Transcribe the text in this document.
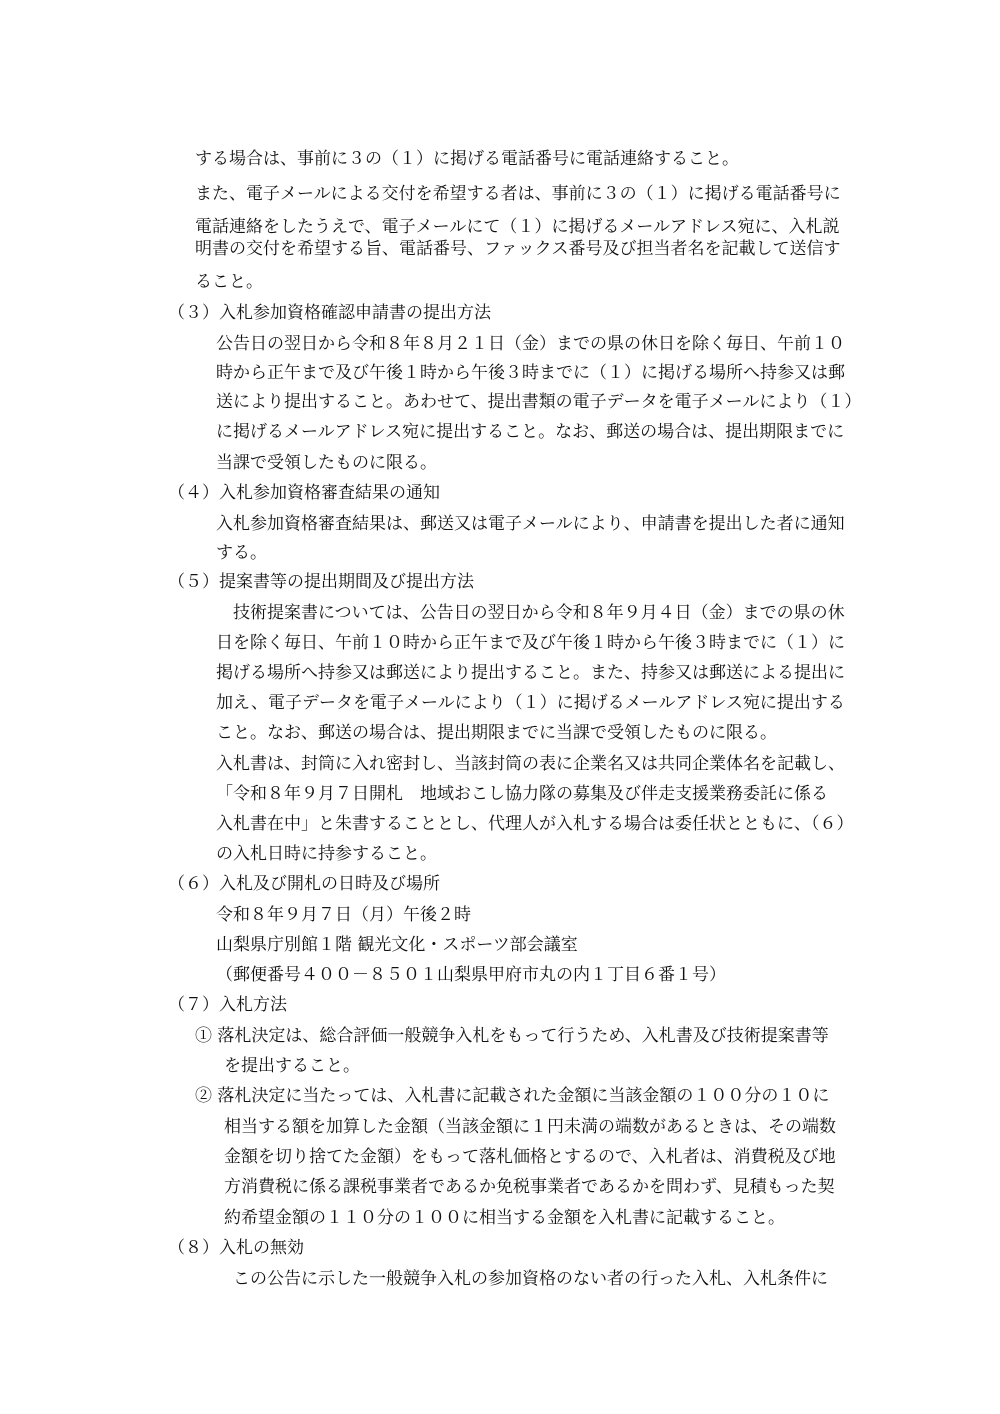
する場合は、事前に３の（１）に掲げる電話番号に電話連絡すること。
また、電子メールによる交付を希望する者は、事前に３の（１）に掲げる電話番号に
電話連絡をしたうえで、電子メールにて（１）に掲げるメールアドレス宛に、入札説
明書の交付を希望する旨、電話番号、ファックス番号及び担当者名を記載して送信す
ること。
（３）入札参加資格確認申請書の提出方法
公告日の翌日から令和８年８月２１日（金）までの県の休日を除く毎日、午前１０
時から正午まで及び午後１時から午後３時までに（１）に掲げる場所へ持参又は郵
送により提出すること。あわせて、提出書類の電子データを電子メールにより（１）
に掲げるメールアドレス宛に提出すること。なお、郵送の場合は、提出期限までに
当課で受領したものに限る。
（４）入札参加資格審査結果の通知
入札参加資格審査結果は、郵送又は電子メールにより、申請書を提出した者に通知
する。
（５）提案書等の提出期間及び提出方法
　技術提案書については、公告日の翌日から令和８年９月４日（金）までの県の休
日を除く毎日、午前１０時から正午まで及び午後１時から午後３時までに（１）に
掲げる場所へ持参又は郵送により提出すること。また、持参又は郵送による提出に
加え、電子データを電子メールにより（１）に掲げるメールアドレス宛に提出する
こと。なお、郵送の場合は、提出期限までに当課で受領したものに限る。
入札書は、封筒に入れ密封し、当該封筒の表に企業名又は共同企業体名を記載し、
「令和８年９月７日開札　地域おこし協力隊の募集及び伴走支援業務委託に係る
入札書在中」と朱書することとし、代理人が入札する場合は委任状とともに、（６）
の入札日時に持参すること。
（６）入札及び開札の日時及び場所
令和８年９月７日（月）午後２時
山梨県庁別館１階 観光文化・スポーツ部会議室
（郵便番号４００－８５０１山梨県甲府市丸の内１丁目６番１号）
（７）入札方法
① 落札決定は、総合評価一般競争入札をもって行うため、入札書及び技術提案書等
を提出すること。
② 落札決定に当たっては、入札書に記載された金額に当該金額の１００分の１０に
相当する額を加算した金額（当該金額に１円未満の端数があるときは、その端数
金額を切り捨てた金額）をもって落札価格とするので、入札者は、消費税及び地
方消費税に係る課税事業者であるか免税事業者であるかを問わず、見積もった契
約希望金額の１１０分の１００に相当する金額を入札書に記載すること。
（８）入札の無効
　この公告に示した一般競争入札の参加資格のない者の行った入札、入札条件に
